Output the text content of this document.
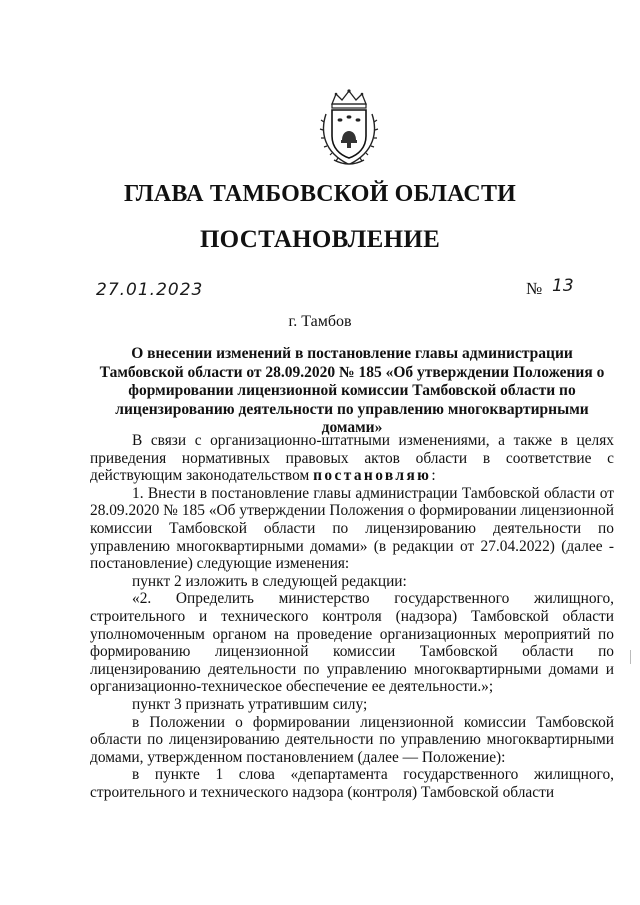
ГЛАВА ТАМБОВСКОЙ ОБЛАСТИ
ПОСТАНОВЛЕНИЕ
27.01.2023	№ 13
г. Тамбов

О внесении изменений в постановление главы администрации Тамбовской области от 28.09.2020 № 185 «Об утверждении Положения о формировании лицензионной комиссии Тамбовской области по лицензированию деятельности по управлению многоквартирными домами»

В связи с организационно-штатными изменениями, а также в целях приведения нормативных правовых актов области в соответствие с действующим законодательством постановляю:

1. Внести в постановление главы администрации Тамбовской области от 28.09.2020 № 185 «Об утверждении Положения о формировании лицензионной комиссии Тамбовской области по лицензированию деятельности по управлению многоквартирными домами» (в редакции от 27.04.2022) (далее - постановление) следующие изменения:

пункт 2 изложить в следующей редакции:

«2. Определить министерство государственного жилищного, строительного и технического контроля (надзора) Тамбовской области уполномоченным органом на проведение организационных мероприятий по формированию лицензионной комиссии Тамбовской области по лицензированию деятельности по управлению многоквартирными домами и организационно-техническое обеспечение ее деятельности.»;

пункт 3 признать утратившим силу;

в Положении о формировании лицензионной комиссии Тамбовской области по лицензированию деятельности по управлению многоквартирными домами, утвержденном постановлением (далее — Положение):

в пункте 1 слова «департамента государственного жилищного, строительного и технического надзора (контроля) Тамбовской области
